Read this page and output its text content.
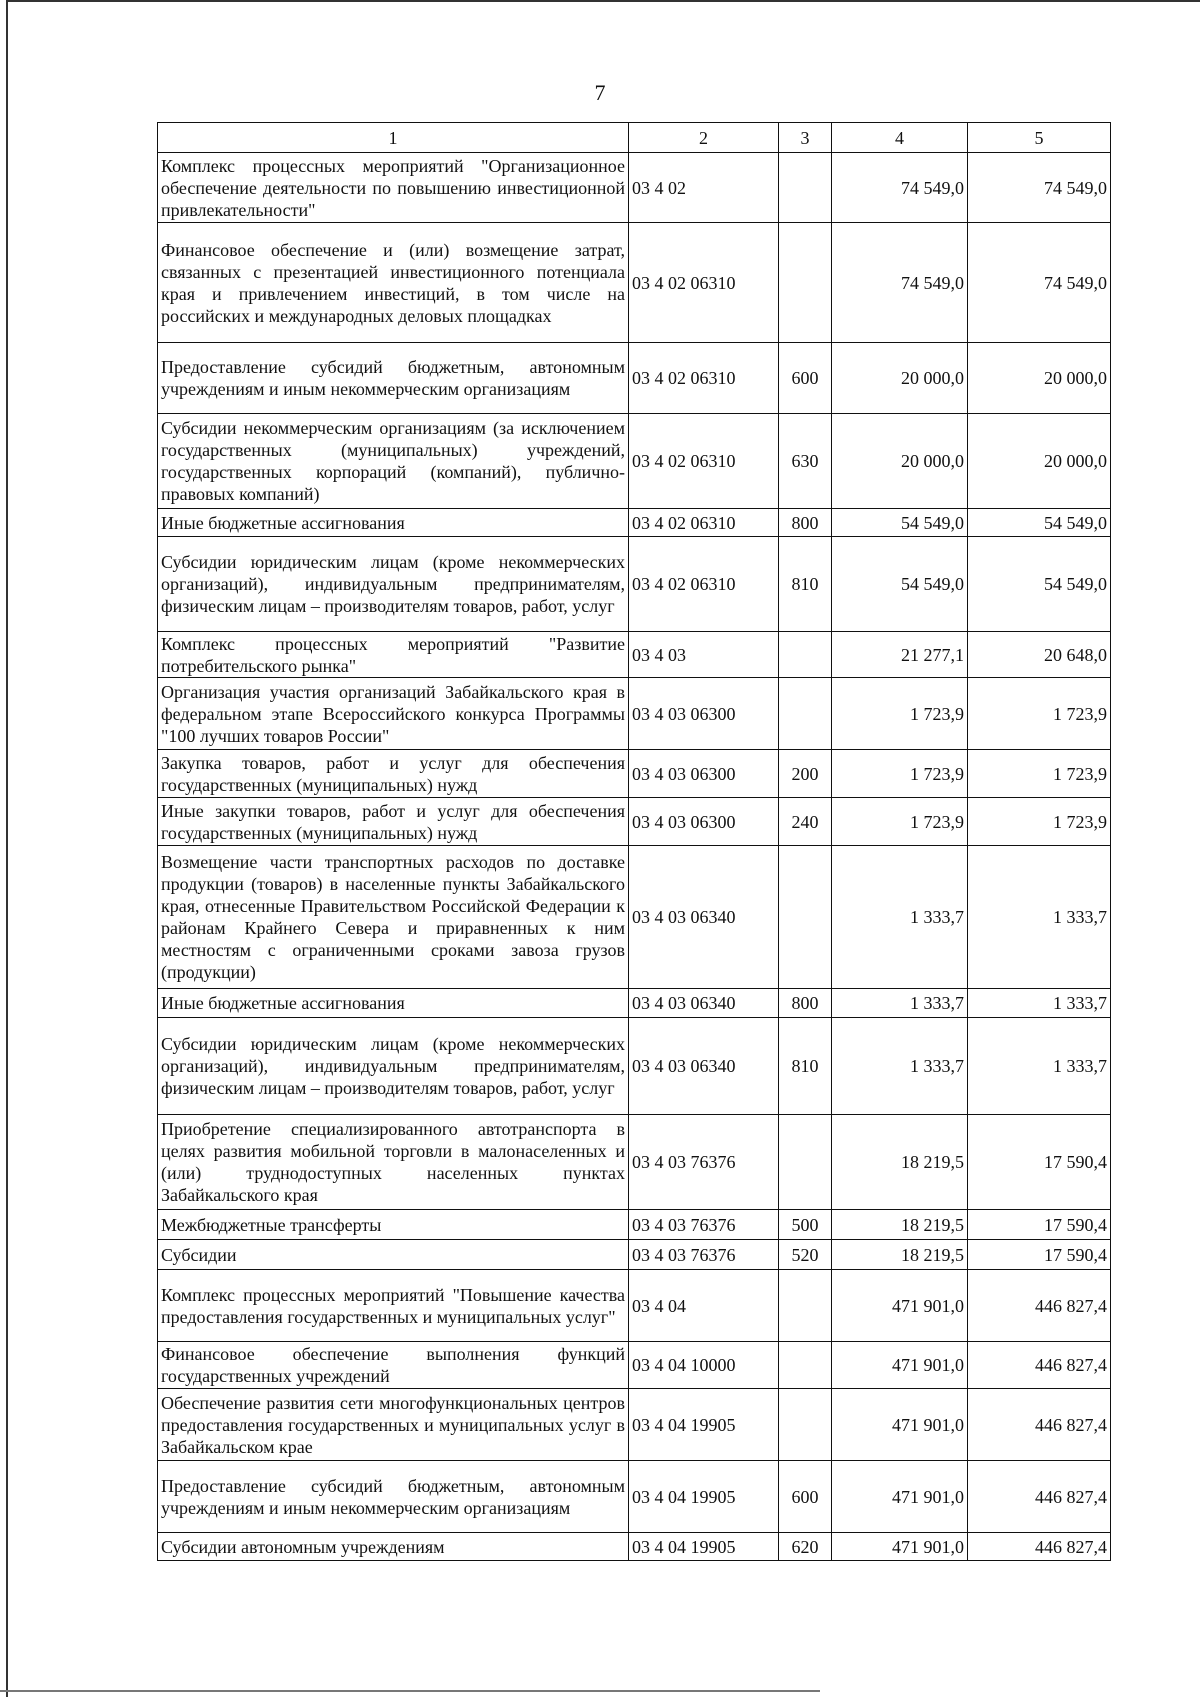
7
1	2	3	4	5
Комплекс процессных мероприятий "Организационное обеспечение деятельности по повышению инвестиционной привлекательности"	03 4 02		74 549,0	74 549,0
Финансовое обеспечение и (или) возмещение затрат, связанных с презентацией инвестиционного потенциала края и привлечением инвестиций, в том числе на российских и международных деловых площадках	03 4 02 06310		74 549,0	74 549,0
Предоставление субсидий бюджетным, автономным учреждениям и иным некоммерческим организациям	03 4 02 06310	600	20 000,0	20 000,0
Субсидии некоммерческим организациям (за исключением государственных (муниципальных) учреждений, государственных корпораций (компаний), публично-правовых компаний)	03 4 02 06310	630	20 000,0	20 000,0
Иные бюджетные ассигнования	03 4 02 06310	800	54 549,0	54 549,0
Субсидии юридическим лицам (кроме некоммерческих организаций), индивидуальным предпринимателям, физическим лицам – производителям товаров, работ, услуг	03 4 02 06310	810	54 549,0	54 549,0
Комплекс процессных мероприятий "Развитие потребительского рынка"	03 4 03		21 277,1	20 648,0
Организация участия организаций Забайкальского края в федеральном этапе Всероссийского конкурса Программы "100 лучших товаров России"	03 4 03 06300		1 723,9	1 723,9
Закупка товаров, работ и услуг для обеспечения государственных (муниципальных) нужд	03 4 03 06300	200	1 723,9	1 723,9
Иные закупки товаров, работ и услуг для обеспечения государственных (муниципальных) нужд	03 4 03 06300	240	1 723,9	1 723,9
Возмещение части транспортных расходов по доставке продукции (товаров) в населенные пункты Забайкальского края, отнесенные Правительством Российской Федерации к районам Крайнего Севера и приравненных к ним местностям с ограниченными сроками завоза грузов (продукции)	03 4 03 06340		1 333,7	1 333,7
Иные бюджетные ассигнования	03 4 03 06340	800	1 333,7	1 333,7
Субсидии юридическим лицам (кроме некоммерческих организаций), индивидуальным предпринимателям, физическим лицам – производителям товаров, работ, услуг	03 4 03 06340	810	1 333,7	1 333,7
Приобретение специализированного автотранспорта в целях развития мобильной торговли в малонаселенных и (или) труднодоступных населенных пунктах Забайкальского края	03 4 03 76376		18 219,5	17 590,4
Межбюджетные трансферты	03 4 03 76376	500	18 219,5	17 590,4
Субсидии	03 4 03 76376	520	18 219,5	17 590,4
Комплекс процессных мероприятий "Повышение качества предоставления государственных и муниципальных услуг"	03 4 04		471 901,0	446 827,4
Финансовое обеспечение выполнения функций государственных учреждений	03 4 04 10000		471 901,0	446 827,4
Обеспечение развития сети многофункциональных центров предоставления государственных и муниципальных услуг в Забайкальском крае	03 4 04 19905		471 901,0	446 827,4
Предоставление субсидий бюджетным, автономным учреждениям и иным некоммерческим организациям	03 4 04 19905	600	471 901,0	446 827,4
Субсидии автономным учреждениям	03 4 04 19905	620	471 901,0	446 827,4
